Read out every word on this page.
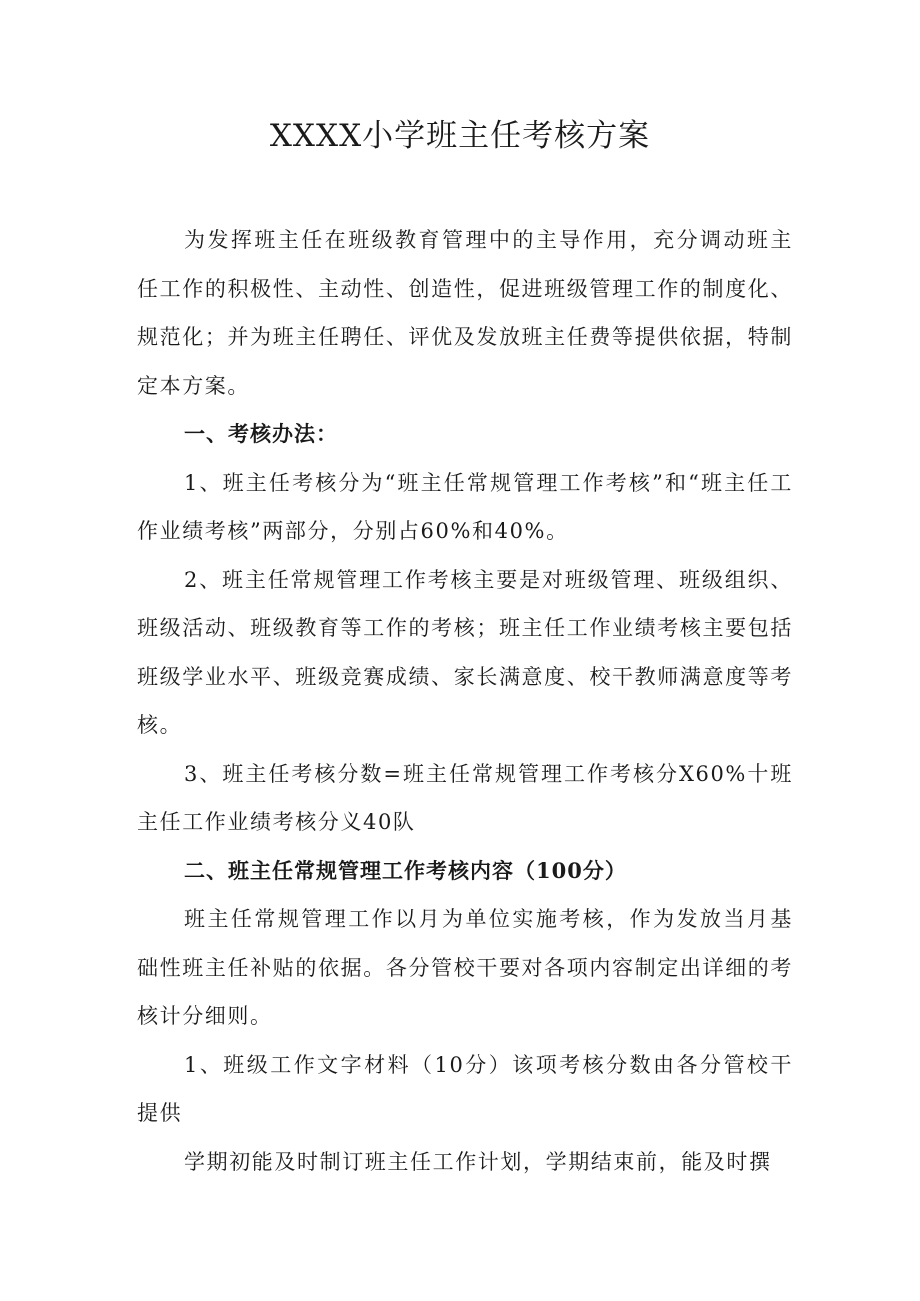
XXXX小学班主任考核方案

为发挥班主任在班级教育管理中的主导作用，充分调动班主任工作的积极性、主动性、创造性，促进班级管理工作的制度化、规范化；并为班主任聘任、评优及发放班主任费等提供依据，特制定本方案。

一、考核办法：

1、班主任考核分为“班主任常规管理工作考核”和“班主任工作业绩考核”两部分，分别占60%和40%。

2、班主任常规管理工作考核主要是对班级管理、班级组织、班级活动、班级教育等工作的考核；班主任工作业绩考核主要包括班级学业水平、班级竞赛成绩、家长满意度、校干教师满意度等考核。

3、班主任考核分数=班主任常规管理工作考核分X60%十班主任工作业绩考核分义40队

二、班主任常规管理工作考核内容（100分）

班主任常规管理工作以月为单位实施考核，作为发放当月基础性班主任补贴的依据。各分管校干要对各项内容制定出详细的考核计分细则。

1、班级工作文字材料（10分）该项考核分数由各分管校干提供

学期初能及时制订班主任工作计划，学期结束前，能及时撰
